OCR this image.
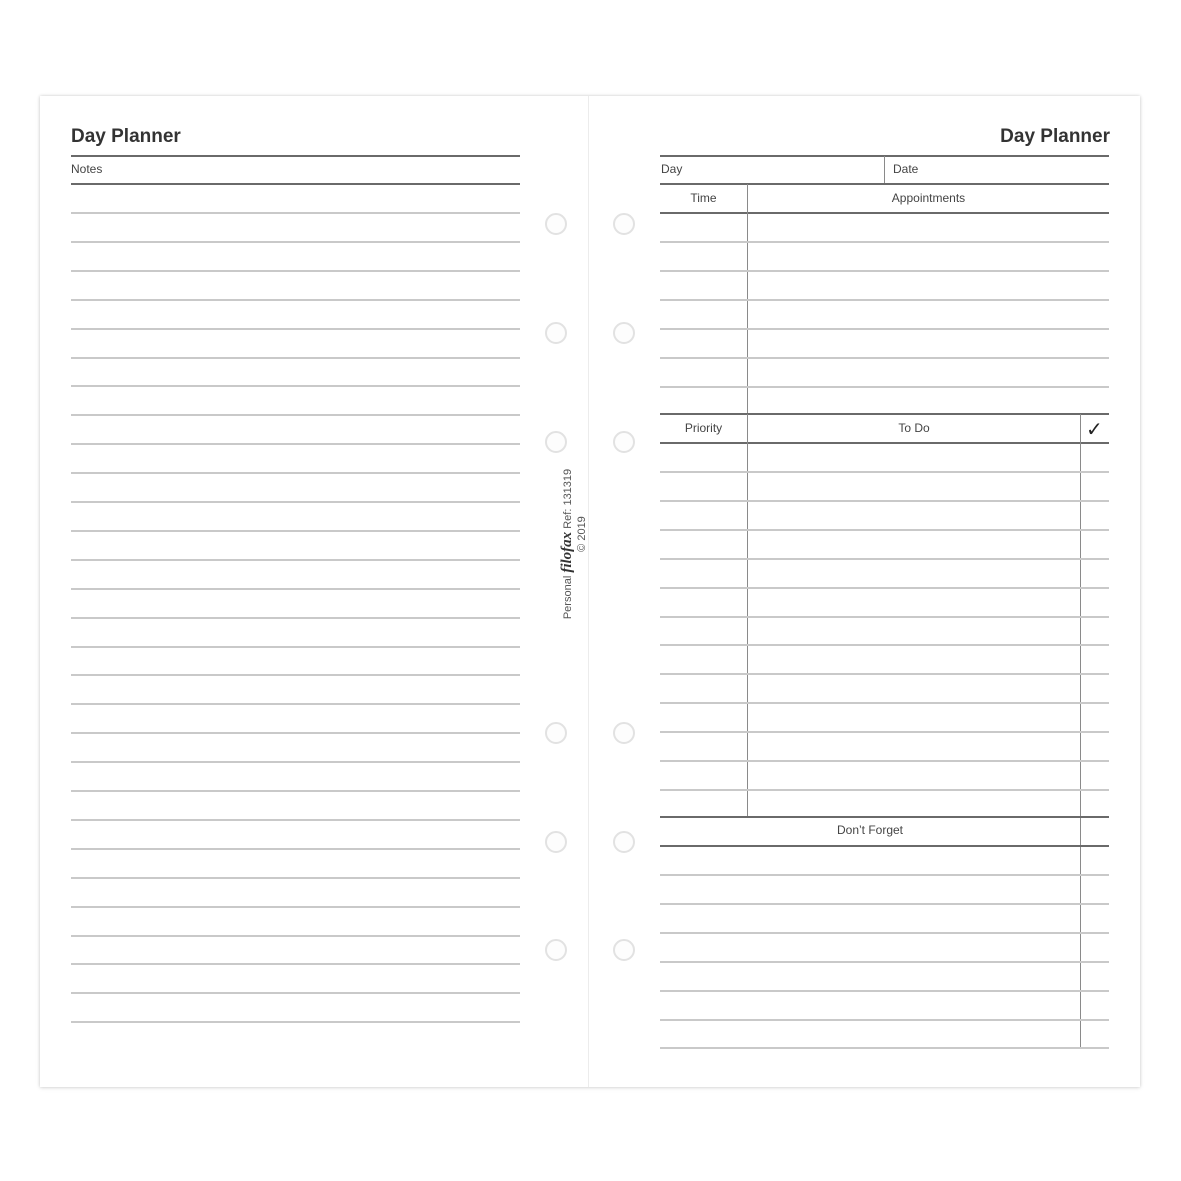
Day Planner
Notes
Personal filofax Ref: 131319
© 2019
Day Planner
Day	Date
Time	Appointments
Priority	To Do	✓
Don’t Forget
